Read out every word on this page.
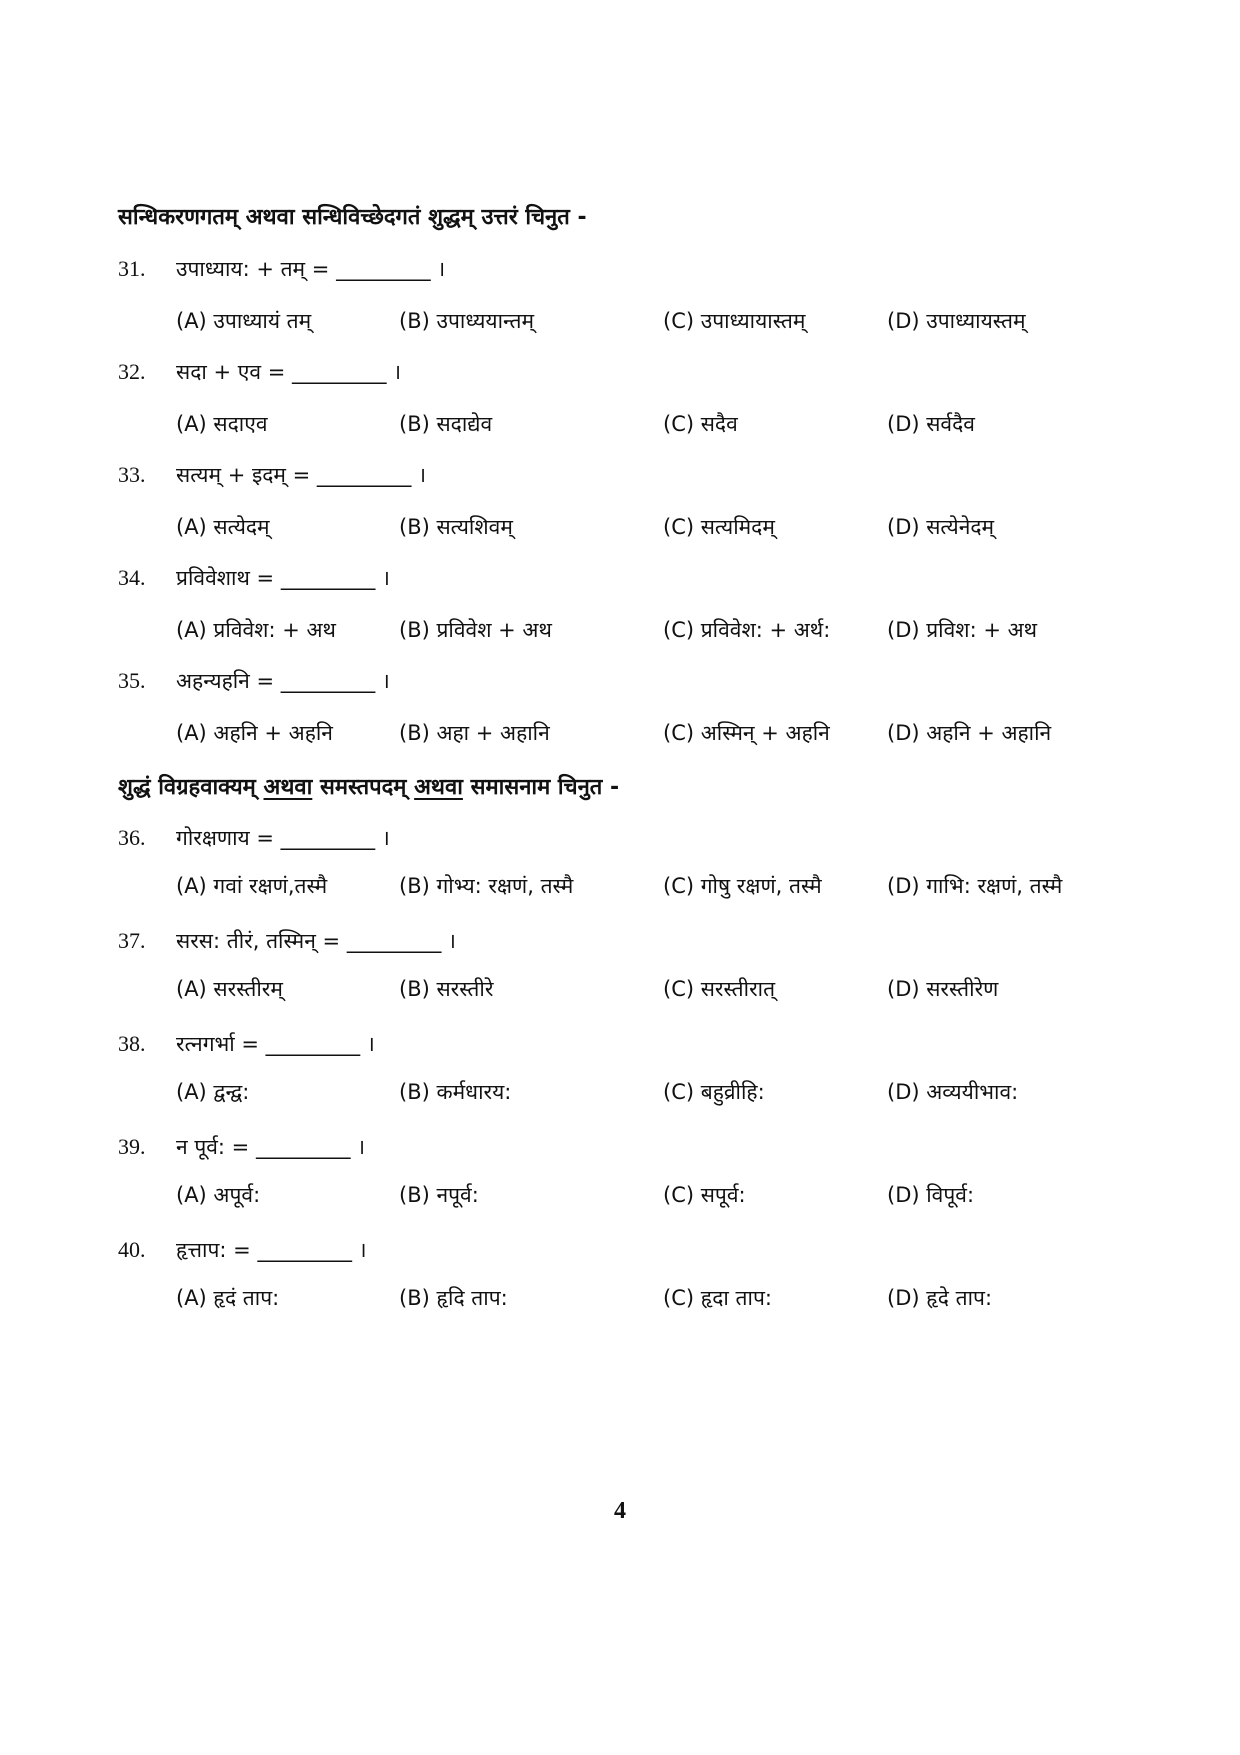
सन्धिकरणगतम् अथवा सन्धिविच्छेदगतं शुद्धम् उत्तरं चिनुत -
31. उपाध्याय: + तम् = _________ ।
(A) उपाध्यायं तम्	(B) उपाध्ययान्तम्	(C) उपाध्यायास्तम्	(D) उपाध्यायस्तम्
32. सदा + एव = _________ ।
(A) सदाएव	(B) सदाद्येव	(C) सदैव	(D) सर्वदैव
33. सत्यम् + इदम् = _________ ।
(A) सत्येदम्	(B) सत्यशिवम्	(C) सत्यमिदम्	(D) सत्येनेदम्
34. प्रविवेशाथ = _________ ।
(A) प्रविवेश: + अथ	(B) प्रविवेश + अथ	(C) प्रविवेश: + अर्थ:	(D) प्रविश: + अथ
35. अहन्यहनि = _________ ।
(A) अहनि + अहनि	(B) अहा + अहानि	(C) अस्मिन् + अहनि	(D) अहनि + अहानि
शुद्धं विग्रहवाक्यम् अथवा समस्तपदम् अथवा समासनाम चिनुत -
36. गोरक्षणाय = _________ ।
(A) गवां रक्षणं,तस्मै	(B) गोभ्य: रक्षणं, तस्मै	(C) गोषु रक्षणं, तस्मै	(D) गाभि: रक्षणं, तस्मै
37. सरस: तीरं, तस्मिन् = _________ ।
(A) सरस्तीरम्	(B) सरस्तीरे	(C) सरस्तीरात्	(D) सरस्तीरेण
38. रत्नगर्भा = _________ ।
(A) द्वन्द्व:	(B) कर्मधारय:	(C) बहुव्रीहि:	(D) अव्ययीभाव:
39. न पूर्व: = _________ ।
(A) अपूर्व:	(B) नपूर्व:	(C) सपूर्व:	(D) विपूर्व:
40. हृत्ताप: = _________ ।
(A) हृदं ताप:	(B) हृदि ताप:	(C) हृदा ताप:	(D) हृदे ताप:
4
